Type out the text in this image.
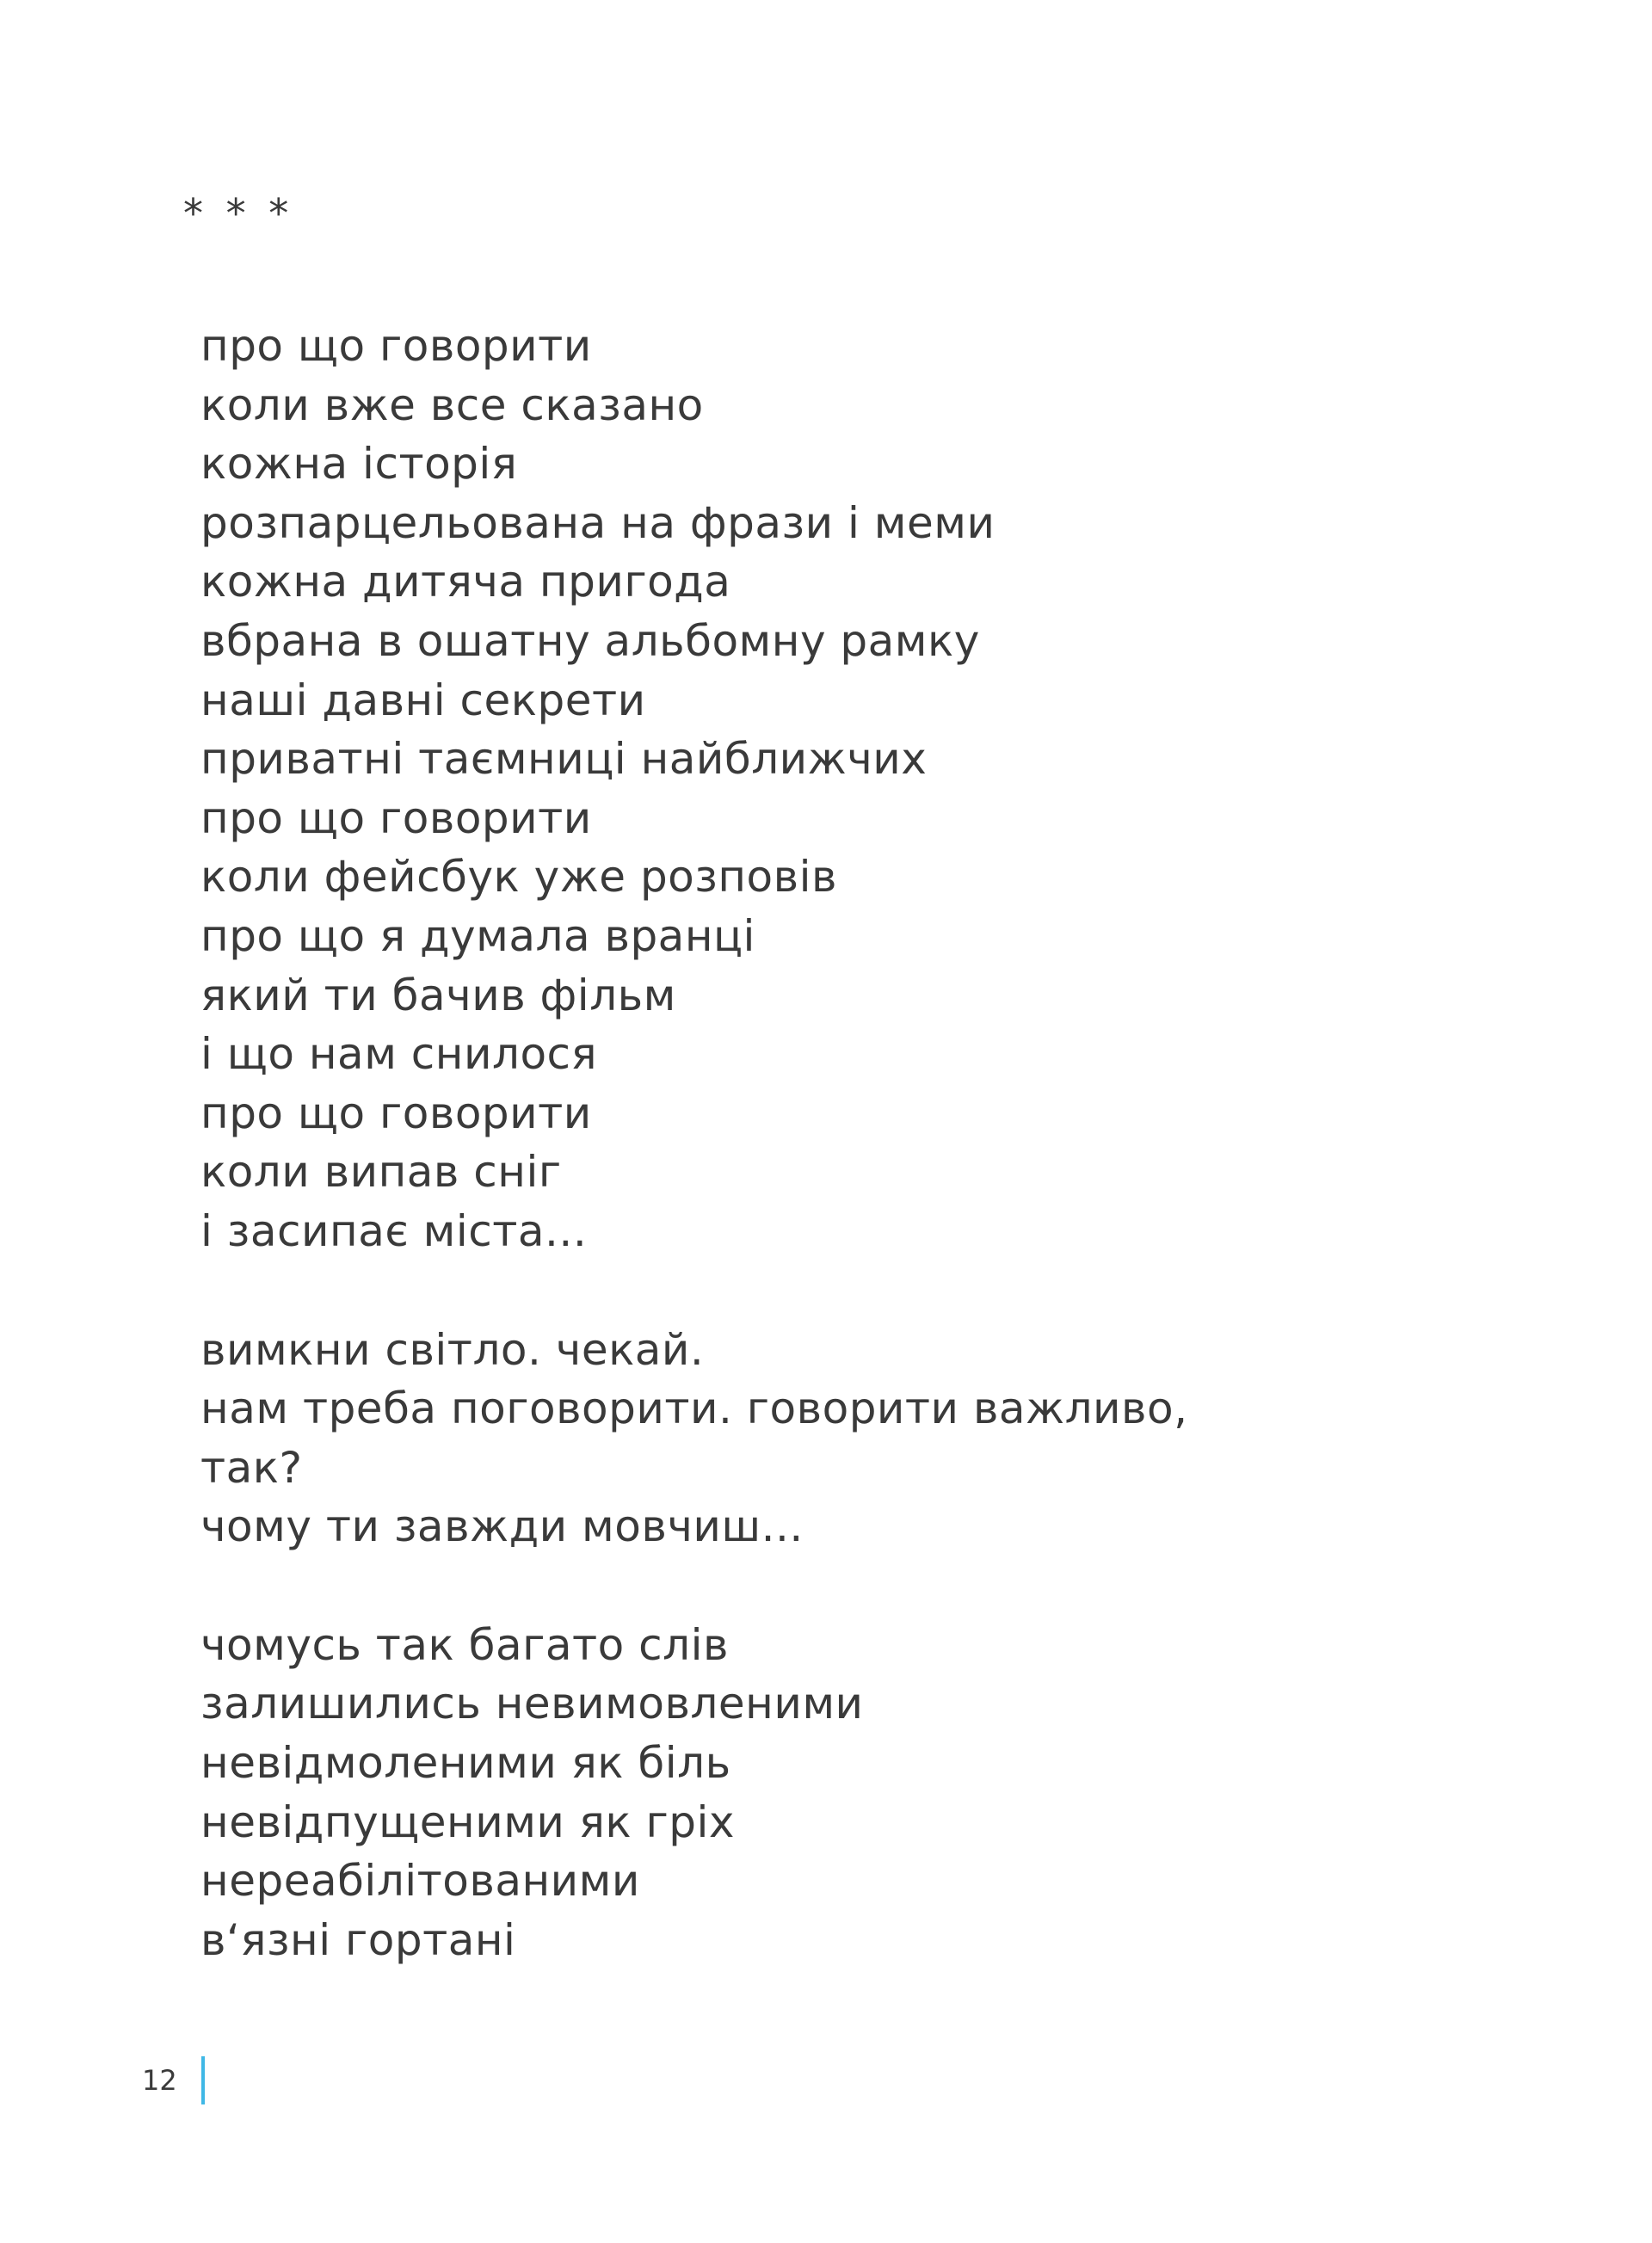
* * *
про що говорити
коли вже все сказано
кожна історія
розпарцельована на фрази і меми
кожна дитяча пригода
вбрана в ошатну альбомну рамку
наші давні секрети
приватні таємниці найближчих
про що говорити
коли фейсбук уже розповів
про що я думала вранці
який ти бачив фільм
і що нам снилося
про що говорити
коли випав сніг
і засипає міста...
вимкни світло. чекай.
нам треба поговорити. говорити важливо,
так?
чому ти завжди мовчиш...
чомусь так багато слів
залишились невимовленими
невідмоленими як біль
невідпущеними як гріх
нереабілітованими
в‘язні гортані
12
